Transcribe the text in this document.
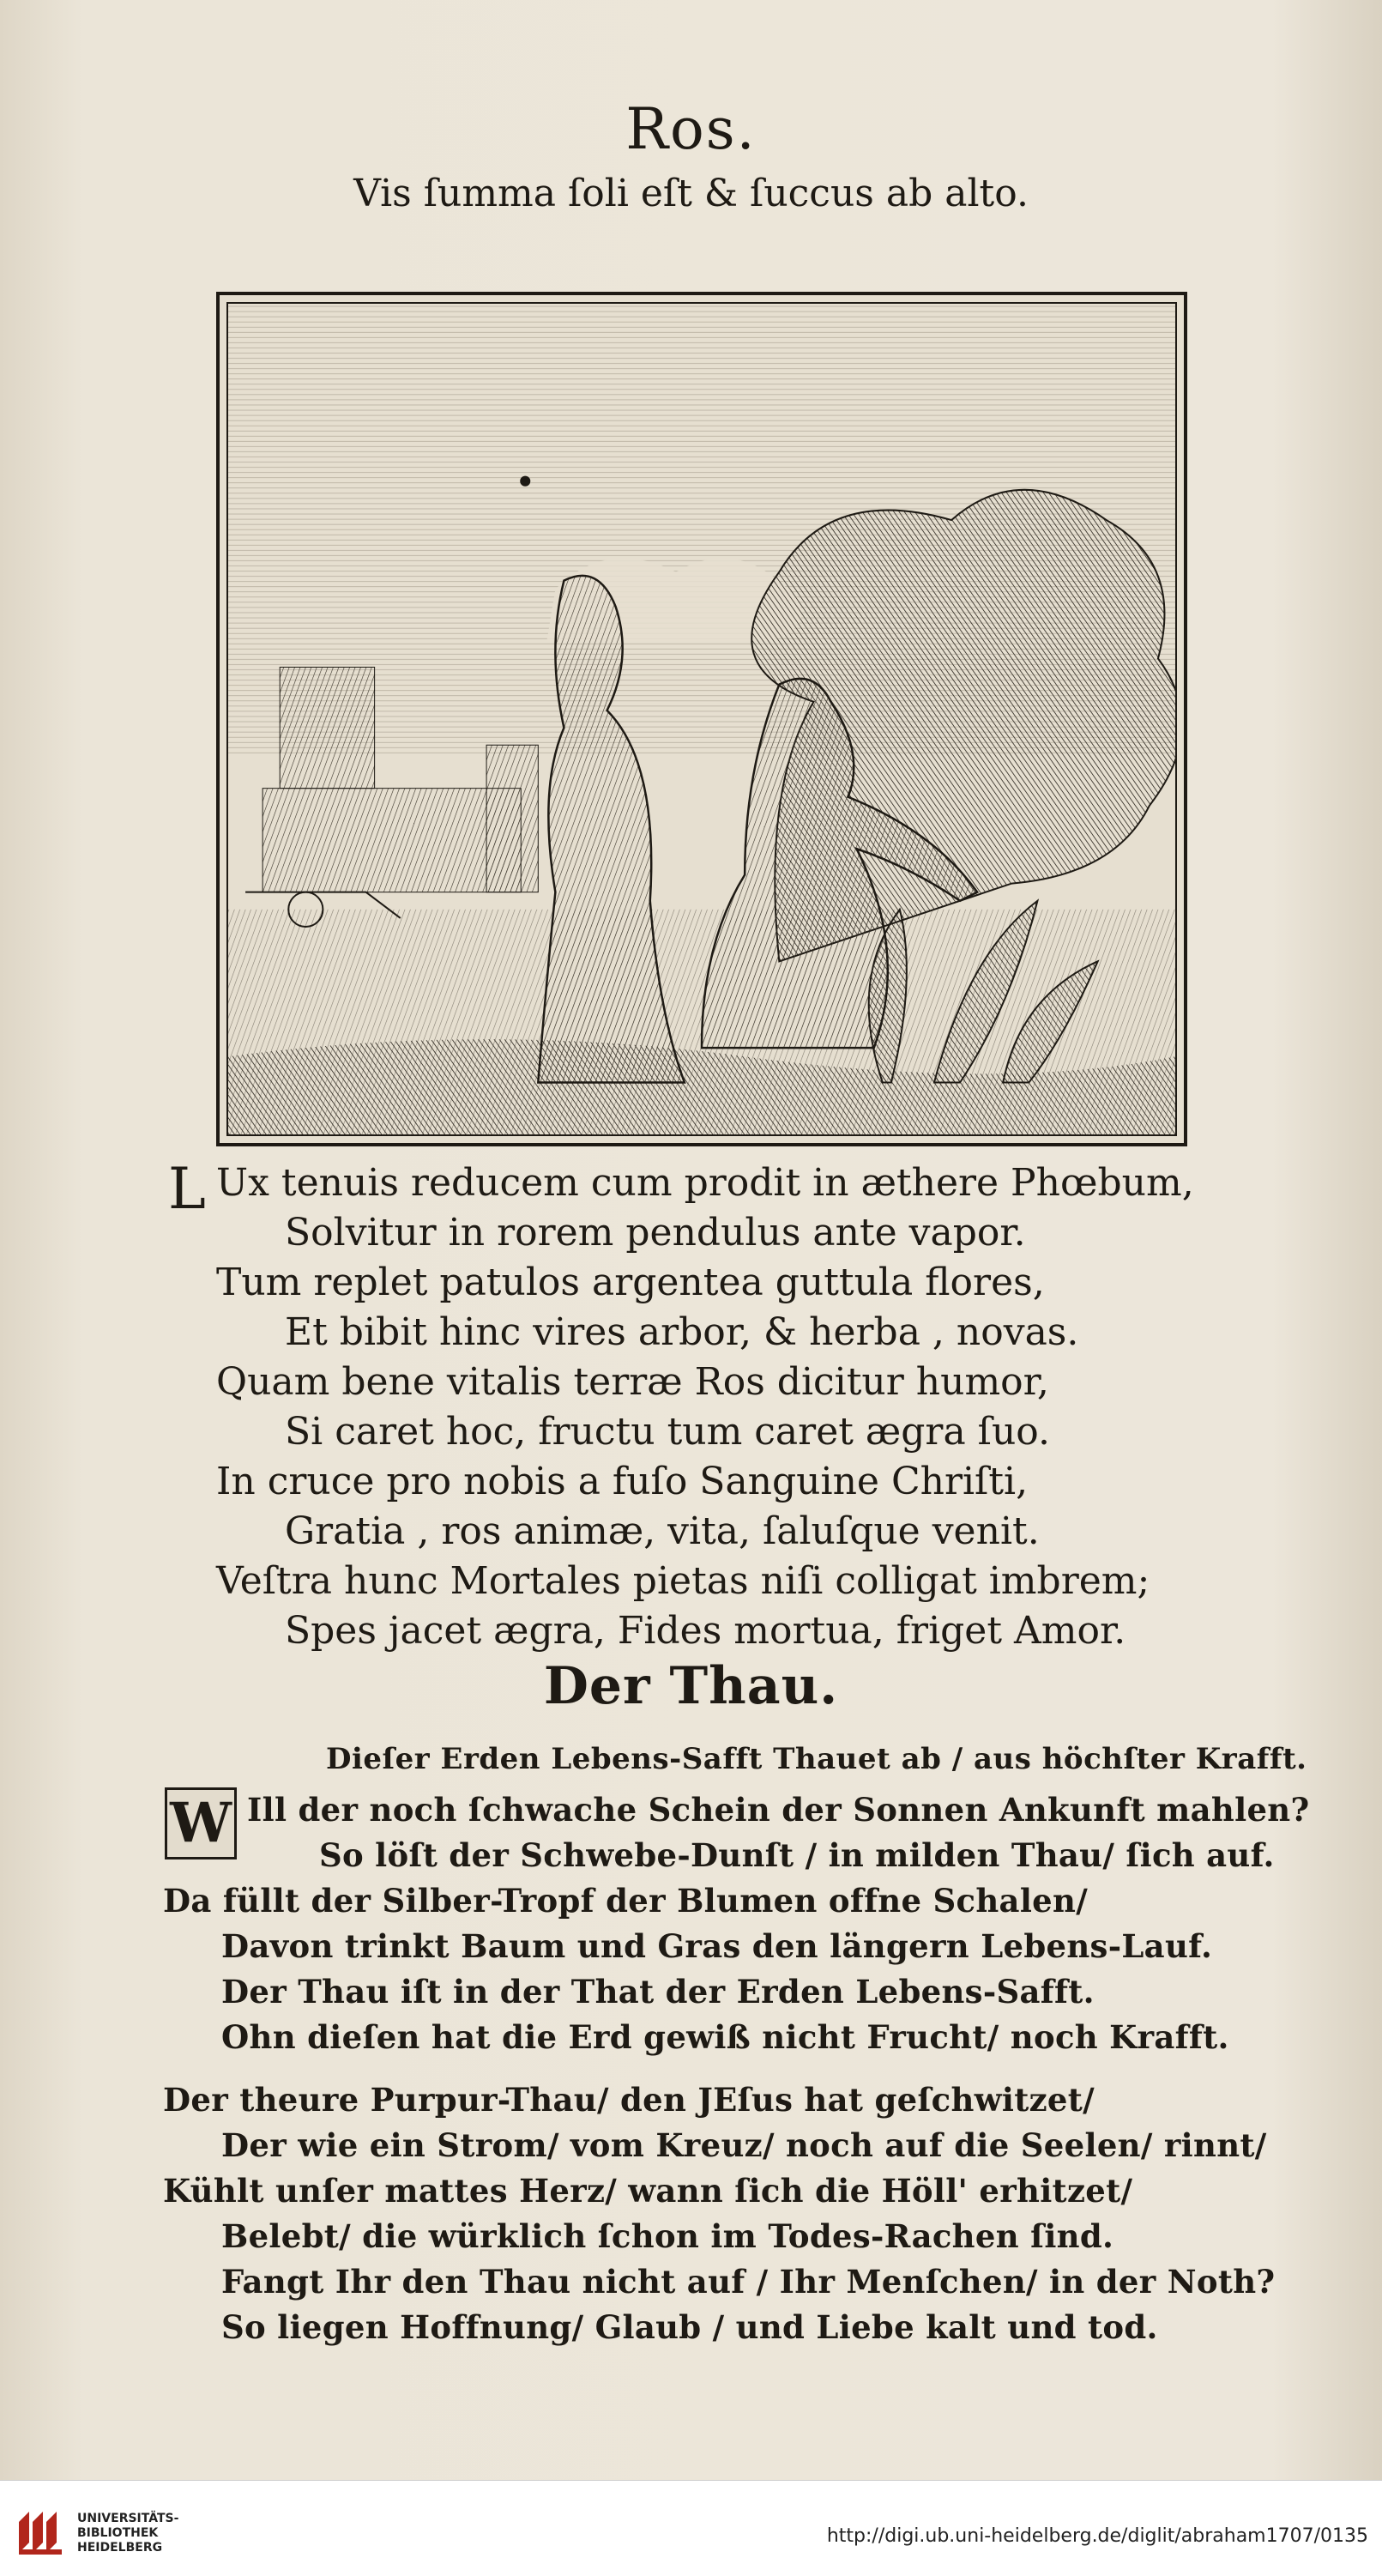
Ros.
Vis ſumma ſoli eſt & ſuccus ab alto.
L Ux tenuis reducem cum prodit in æthere Phœbum,
Solvitur in rorem pendulus ante vapor.
Tum replet patulos argentea guttula flores,
Et bibit hinc vires arbor, & herba , novas.
Quam bene vitalis terræ Ros dicitur humor,
Si caret hoc, fructu tum caret ægra ſuo.
In cruce pro nobis a fuſo Sanguine Chriſti,
Gratia , ros animæ, vita, ſaluſque venit.
Veſtra hunc Mortales pietas niſi colligat imbrem;
Spes jacet ægra, Fides mortua, friget Amor.
Der Thau.
Dieſer Erden Lebens-Safft Thauet ab / aus höchſter Krafft.
W Ill der noch ſchwache Schein der Sonnen Ankunft mahlen?
So löſt der Schwebe-Dunſt / in milden Thau/ ſich auf.
Da füllt der Silber-Tropf der Blumen offne Schalen/
Davon trinkt Baum und Gras den längern Lebens-Lauf.
Der Thau iſt in der That der Erden Lebens-Safft.
Ohn dieſen hat die Erd gewiß nicht Frucht/ noch Krafft.
Der theure Purpur-Thau/ den JEſus hat geſchwitzet/
Der wie ein Strom/ vom Kreuz/ noch auf die Seelen/ rinnt/
Kühlt unſer mattes Herz/ wann ſich die Höll' erhitzet/
Belebt/ die würklich ſchon im Todes-Rachen ſind.
Fangt Ihr den Thau nicht auf / Ihr Menſchen/ in der Noth?
So liegen Hoffnung/ Glaub / und Liebe kalt und tod.
UNIVERSITÄTS-
BIBLIOTHEK
HEIDELBERG
http://digi.ub.uni-heidelberg.de/diglit/abraham1707/0135
